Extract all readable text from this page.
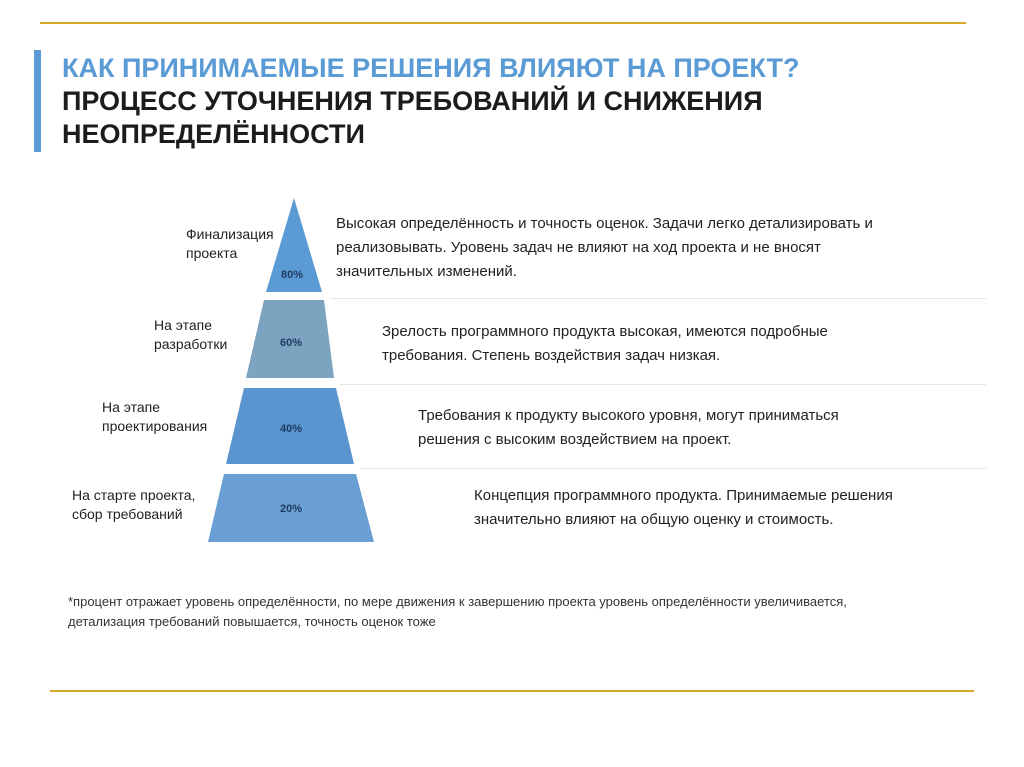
КАК ПРИНИМАЕМЫЕ РЕШЕНИЯ ВЛИЯЮТ НА ПРОЕКТ?
ПРОЦЕСС УТОЧНЕНИЯ ТРЕБОВАНИЙ И СНИЖЕНИЯ
НЕОПРЕДЕЛЁННОСТИ
80%
60%
40%
20%
Финализация
проекта
На этапе
разработки
На этапе
проектирования
На старте проекта,
сбор требований
Высокая определённость и точность оценок. Задачи легко детализировать и
реализовывать. Уровень задач не влияют на ход проекта и не вносят
значительных изменений.
Зрелость программного продукта высокая, имеются подробные
требования. Степень воздействия задач низкая.
Требования к продукту высокого уровня, могут приниматься
решения с высоким воздействием на проект.
Концепция программного продукта. Принимаемые решения
значительно влияют на общую оценку и стоимость.
*процент отражает уровень определённости, по мере движения к завершению проекта уровень определённости увеличивается,
детализация требований повышается, точность оценок тоже
